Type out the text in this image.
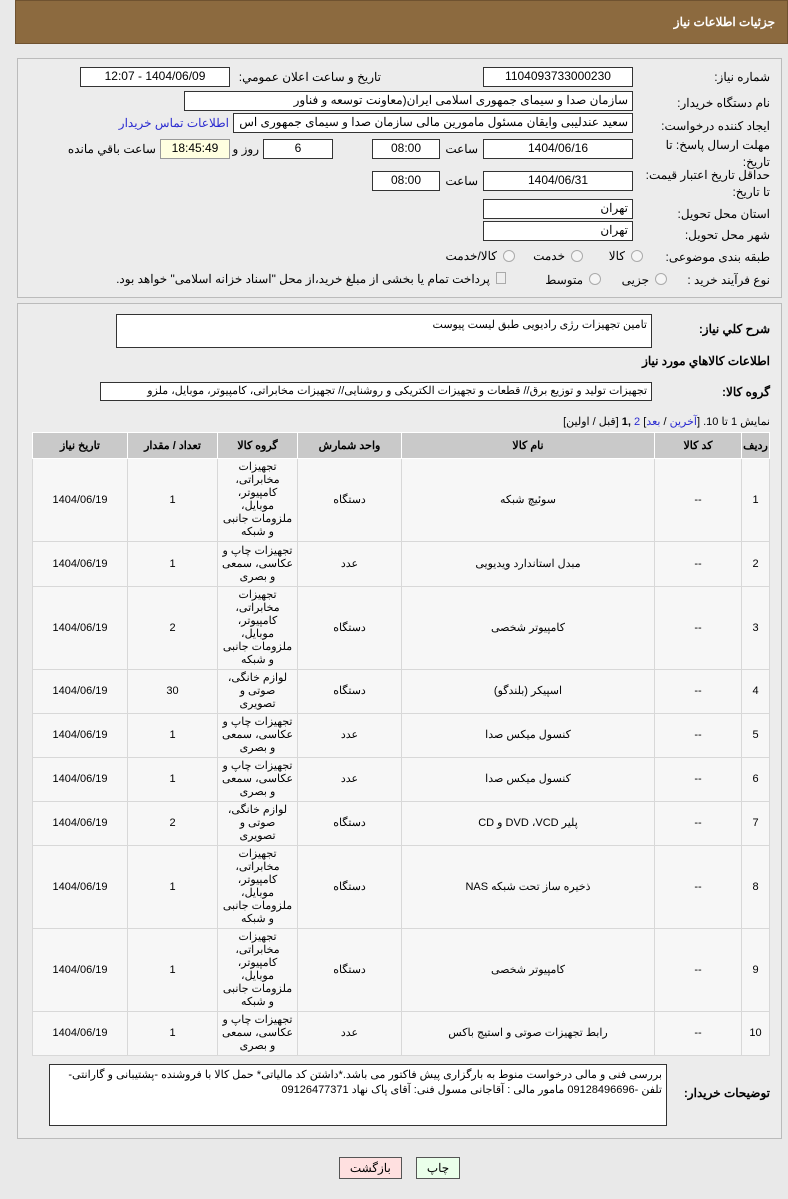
جزئیات اطلاعات نیاز
شماره نیاز:
1104093733000230
تاریخ و ساعت اعلان عمومي:
1404/06/09 - 12:07
نام دستگاه خریدار:
سازمان صدا و سیمای جمهوری اسلامی ایران(معاونت توسعه و فناور
ایجاد کننده درخواست:
سعید عندلیبی وایقان مسئول مامورین مالی سازمان صدا و سیمای جمهوری اس
اطلاعات تماس خریدار
مهلت ارسال پاسخ: تا تاریخ:
1404/06/16
ساعت
08:00
6
روز و
18:45:49
ساعت باقي مانده
حداقل تاريخ اعتبار قیمت: تا تاریخ:
1404/06/31
ساعت
08:00
استان محل تحویل:
تهران
شهر محل تحویل:
تهران
طبقه بندی موضوعی:
کالا
خدمت
کالا/خدمت
نوع فرآیند خرید :
جزیی
متوسط
پرداخت تمام یا بخشی از مبلغ خرید،از محل "اسناد خزانه اسلامی" خواهد بود.
شرح کلي نیاز:
تامین تجهیزات رژی رادیویی طبق لیست پیوست
اطلاعات کالاهاي مورد نیاز
گروه کالا:
تجهیزات تولید و توزیع برق// قطعات و تجهیزات الکتریکی و روشنایی// تجهیزات مخابراتی، کامپیوتر، موبایل، ملزو
نمایش 1 تا 10. [آخرین / بعد] 2 ,1 [قبل / اولین]
ردیف	کد کالا	نام کالا	واحد شمارش	گروه کالا	تعداد / مقدار	تاریخ نیاز
1	--	سوئیچ شبکه	دستگاه	تجهیزات مخابراتی، کامپیوتر، موبایل، ملزومات جانبی و شبکه	1	1404/06/19
2	--	مبدل استاندارد ویدیویی	عدد	تجهیزات چاپ و عکاسی، سمعی و بصری	1	1404/06/19
3	--	کامپیوتر شخصی	دستگاه	تجهیزات مخابراتی، کامپیوتر، موبایل، ملزومات جانبی و شبکه	2	1404/06/19
4	--	اسپیکر (بلندگو)	دستگاه	لوازم خانگی، صوتی و تصویری	30	1404/06/19
5	--	کنسول میکس صدا	عدد	تجهیزات چاپ و عکاسی، سمعی و بصری	1	1404/06/19
6	--	کنسول میکس صدا	عدد	تجهیزات چاپ و عکاسی، سمعی و بصری	1	1404/06/19
7	--	پلیر DVD ،VCD و CD	دستگاه	لوازم خانگی، صوتی و تصویری	2	1404/06/19
8	--	ذخیره ساز تحت شبکه NAS	دستگاه	تجهیزات مخابراتی، کامپیوتر، موبایل، ملزومات جانبی و شبکه	1	1404/06/19
9	--	کامپیوتر شخصی	دستگاه	تجهیزات مخابراتی، کامپیوتر، موبایل، ملزومات جانبی و شبکه	1	1404/06/19
10	--	رابط تجهیزات صوتی و استیج باکس	عدد	تجهیزات چاپ و عکاسی، سمعی و بصری	1	1404/06/19
توضیحات خریدار:
بررسی فنی و مالی درخواست منوط به بارگزاری پیش فاکتور می باشد.*داشتن کد مالیاتی* حمل کالا با فروشنده -پشتیبانی و گارانتی- تلفن -09128496696 مامور مالی : آقاجانی مسول فنی: آقای پاک نهاد 09126477371
بازگشت	چاپ
